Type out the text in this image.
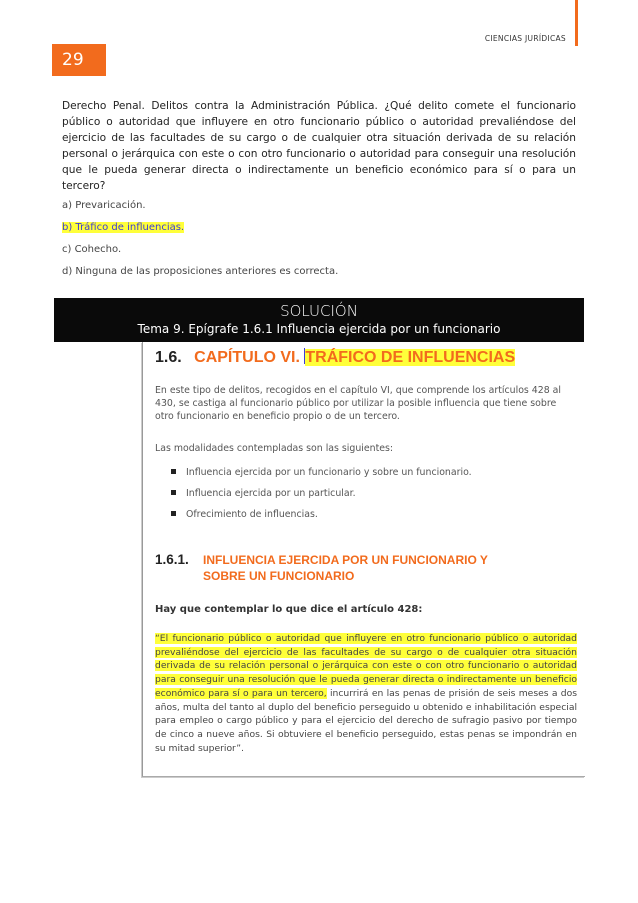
CIENCIAS JURÍDICAS
29
Derecho Penal. Delitos contra la Administración Pública. ¿Qué delito comete el funcionario público o autoridad que influyere en otro funcionario público o autoridad prevaliéndose del ejercicio de las facultades de su cargo o de cualquier otra situación derivada de su relación personal o jerárquica con este o con otro funcionario o autoridad para conseguir una resolución que le pueda generar directa o indirectamente un beneficio económico para sí o para un tercero?
a) Prevaricación.
b) Tráfico de influencias.
c) Cohecho.
d) Ninguna de las proposiciones anteriores es correcta.
SOLUCIÓN
Tema 9. Epígrafe 1.6.1 Influencia ejercida por un funcionario
1.6. CAPÍTULO VI. TRÁFICO DE INFLUENCIAS
En este tipo de delitos, recogidos en el capítulo VI, que comprende los artículos 428 al 430, se castiga al funcionario público por utilizar la posible influencia que tiene sobre otro funcionario en beneficio propio o de un tercero.
Las modalidades contempladas son las siguientes:
Influencia ejercida por un funcionario y sobre un funcionario.
Influencia ejercida por un particular.
Ofrecimiento de influencias.
1.6.1. INFLUENCIA EJERCIDA POR UN FUNCIONARIO Y SOBRE UN FUNCIONARIO
Hay que contemplar lo que dice el artículo 428:
“El funcionario público o autoridad que influyere en otro funcionario público o autoridad prevaliéndose del ejercicio de las facultades de su cargo o de cualquier otra situación derivada de su relación personal o jerárquica con este o con otro funcionario o autoridad para conseguir una resolución que le pueda generar directa o indirectamente un beneficio económico para sí o para un tercero, incurrirá en las penas de prisión de seis meses a dos años, multa del tanto al duplo del beneficio perseguido u obtenido e inhabilitación especial para empleo o cargo público y para el ejercicio del derecho de sufragio pasivo por tiempo de cinco a nueve años. Si obtuviere el beneficio perseguido, estas penas se impondrán en su mitad superior”.
